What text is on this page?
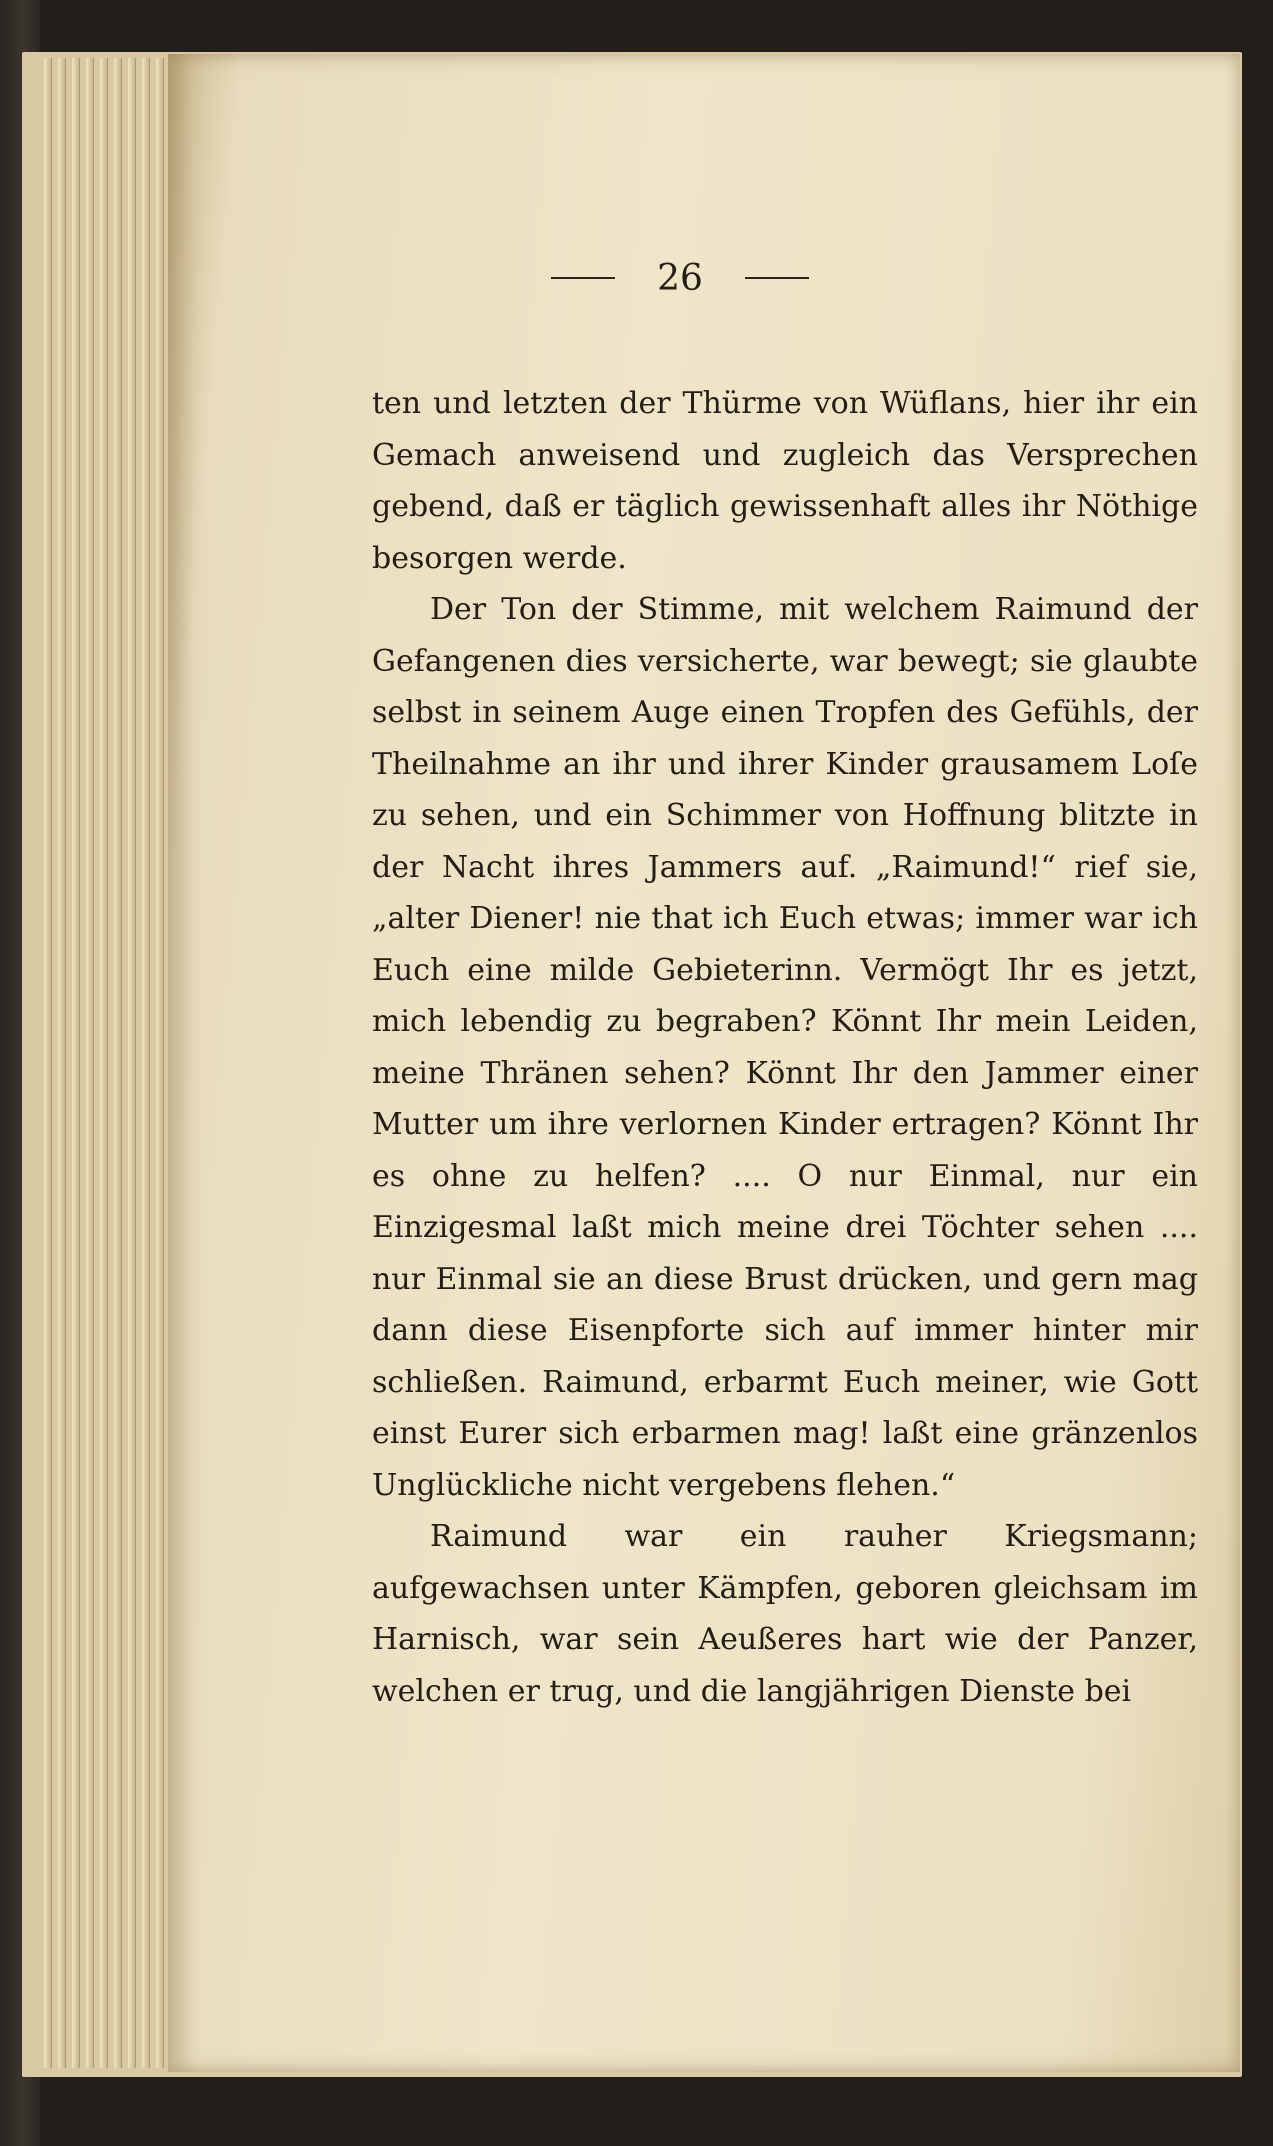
26

ten und letzten der Thürme von Wüflans, hier ihr ein Gemach anweisend und zugleich das Versprechen gebend, daß er täglich gewissenhaft alles ihr Nöthige besorgen werde.

Der Ton der Stimme, mit welchem Raimund der Gefangenen dies versicherte, war bewegt; sie glaubte selbst in seinem Auge einen Tropfen des Gefühls, der Theilnahme an ihr und ihrer Kinder grausamem Loſe zu sehen, und ein Schimmer von Hoffnung blitzte in der Nacht ihres Jammers auf. „Raimund!“ rief sie, „alter Diener! nie that ich Euch etwas; immer war ich Euch eine milde Gebieterinn. Vermögt Ihr es jetzt, mich lebendig zu begraben? Könnt Ihr mein Leiden, meine Thränen sehen? Könnt Ihr den Jammer einer Mutter um ihre verlornen Kinder ertragen? Könnt Ihr es ohne zu helfen? .... O nur Einmal, nur ein Einzigesmal laßt mich meine drei Töchter sehen .... nur Einmal sie an diese Brust drücken, und gern mag dann diese Eisenpforte sich auf immer hinter mir schließen. Raimund, erbarmt Euch meiner, wie Gott einst Eurer sich erbarmen mag! laßt eine gränzenlos Unglückliche nicht vergebens flehen.“

Raimund war ein rauher Kriegsmann; aufgewachsen unter Kämpfen, geboren gleichsam im Harnisch, war sein Aeußeres hart wie der Panzer, welchen er trug, und die langjährigen Dienste bei
